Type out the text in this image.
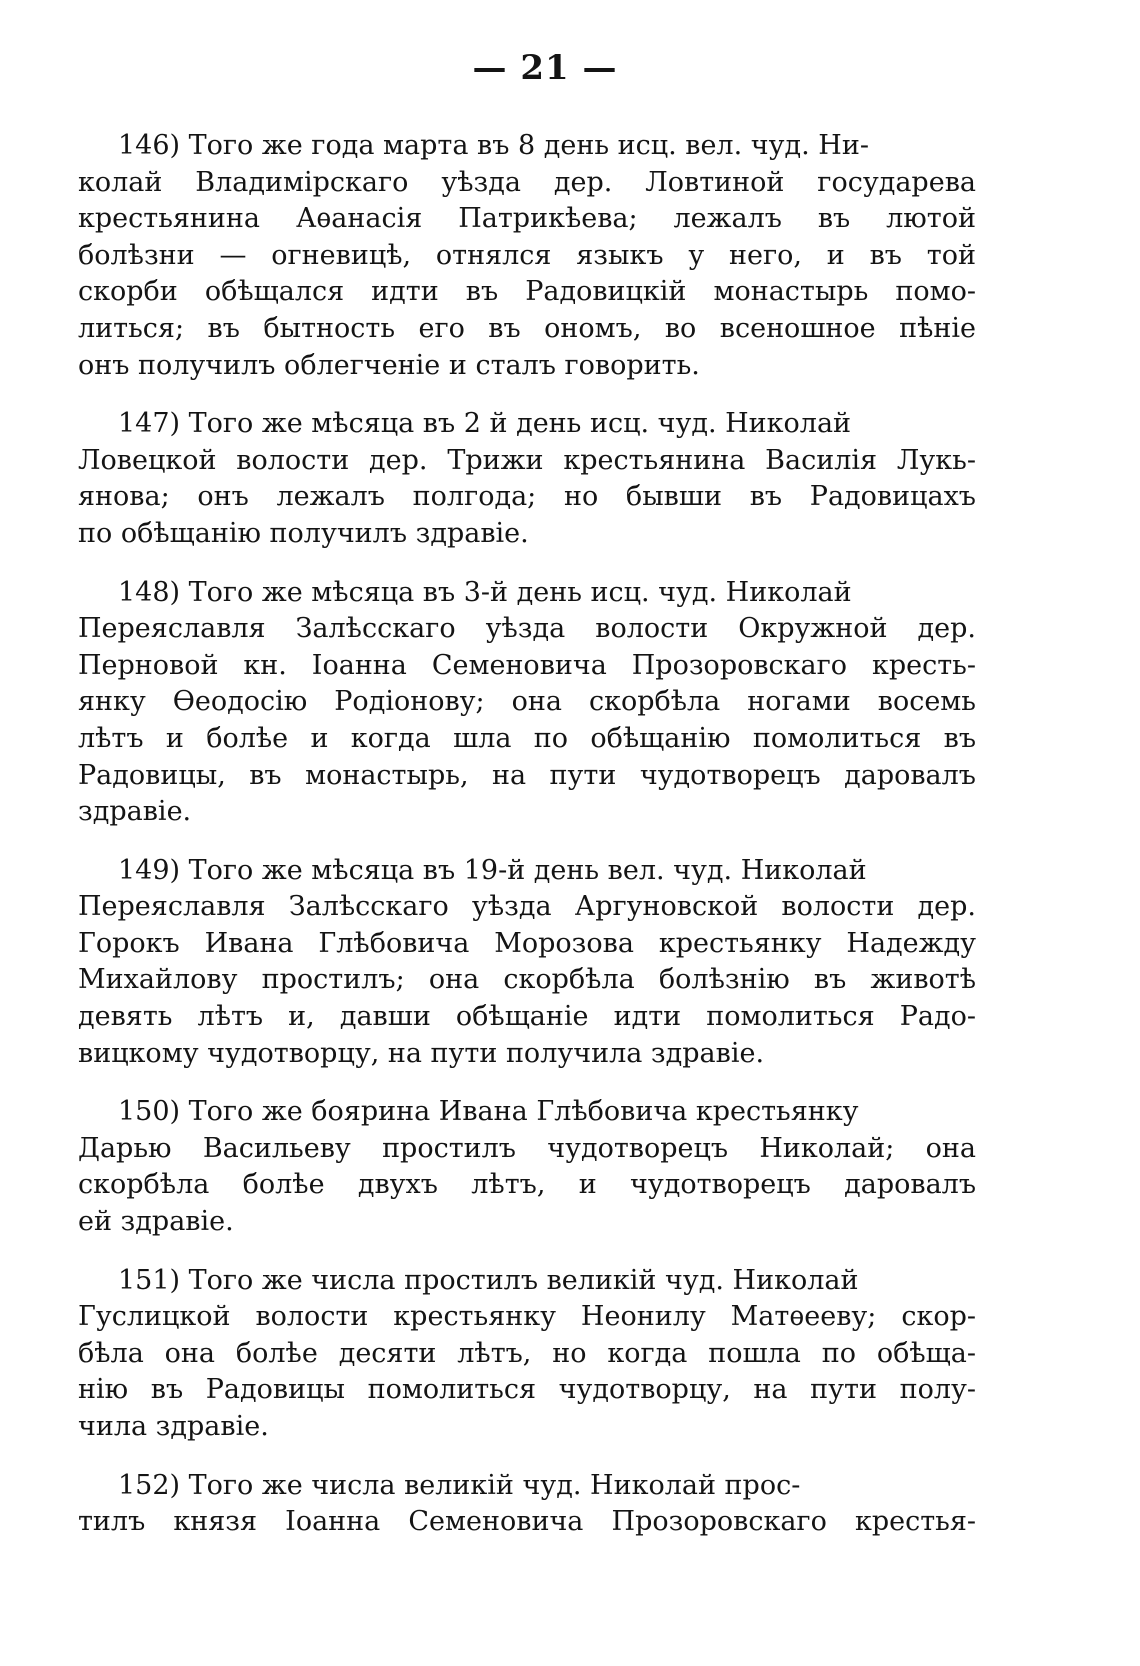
— 21 —
146) Того же года марта въ 8 день исц. вел. чуд. Ни-
колай Владимірскаго уѣзда дер. Ловтиной государева
крестьянина Аѳанасія Патрикѣева; лежалъ въ лютой
болѣзни — огневицѣ, отнялся языкъ у него, и въ той
скорби обѣщался идти въ Радовицкій монастырь помо-
литься; въ бытность его въ ономъ, во всеношное пѣніе
онъ получилъ облегченіе и сталъ говорить.
147) Того же мѣсяца въ 2 й день исц. чуд. Николай
Ловецкой волости дер. Трижи крестьянина Василія Лукь-
янова; онъ лежалъ полгода; но бывши въ Радовицахъ
по обѣщанію получилъ здравіе.
148) Того же мѣсяца въ 3-й день исц. чуд. Николай
Переяславля Залѣсскаго уѣзда волости Окружной дер.
Перновой кн. Іоанна Семеновича Прозоровскаго кресть-
янку Ѳеодосію Родіонову; она скорбѣла ногами восемь
лѣтъ и болѣе и когда шла по обѣщанію помолиться въ
Радовицы, въ монастырь, на пути чудотворецъ даровалъ
здравіе.
149) Того же мѣсяца въ 19-й день вел. чуд. Николай
Переяславля Залѣсскаго уѣзда Аргуновской волости дер.
Горокъ Ивана Глѣбовича Морозова крестьянку Надежду
Михайлову простилъ; она скорбѣла болѣзнію въ животѣ
девять лѣтъ и, давши обѣщаніе идти помолиться Радо-
вицкому чудотворцу, на пути получила здравіе.
150) Того же боярина Ивана Глѣбовича крестьянку
Дарью Васильеву простилъ чудотворецъ Николай; она
скорбѣла болѣе двухъ лѣтъ, и чудотворецъ даровалъ
ей здравіе.
151) Того же числа простилъ великій чуд. Николай
Гуслицкой волости крестьянку Неонилу Матѳееву; скор-
бѣла она болѣе десяти лѣтъ, но когда пошла по обѣща-
нію въ Радовицы помолиться чудотворцу, на пути полу-
чила здравіе.
152) Того же числа великій чуд. Николай прос-
тилъ князя Іоанна Семеновича Прозоровскаго крестья-
